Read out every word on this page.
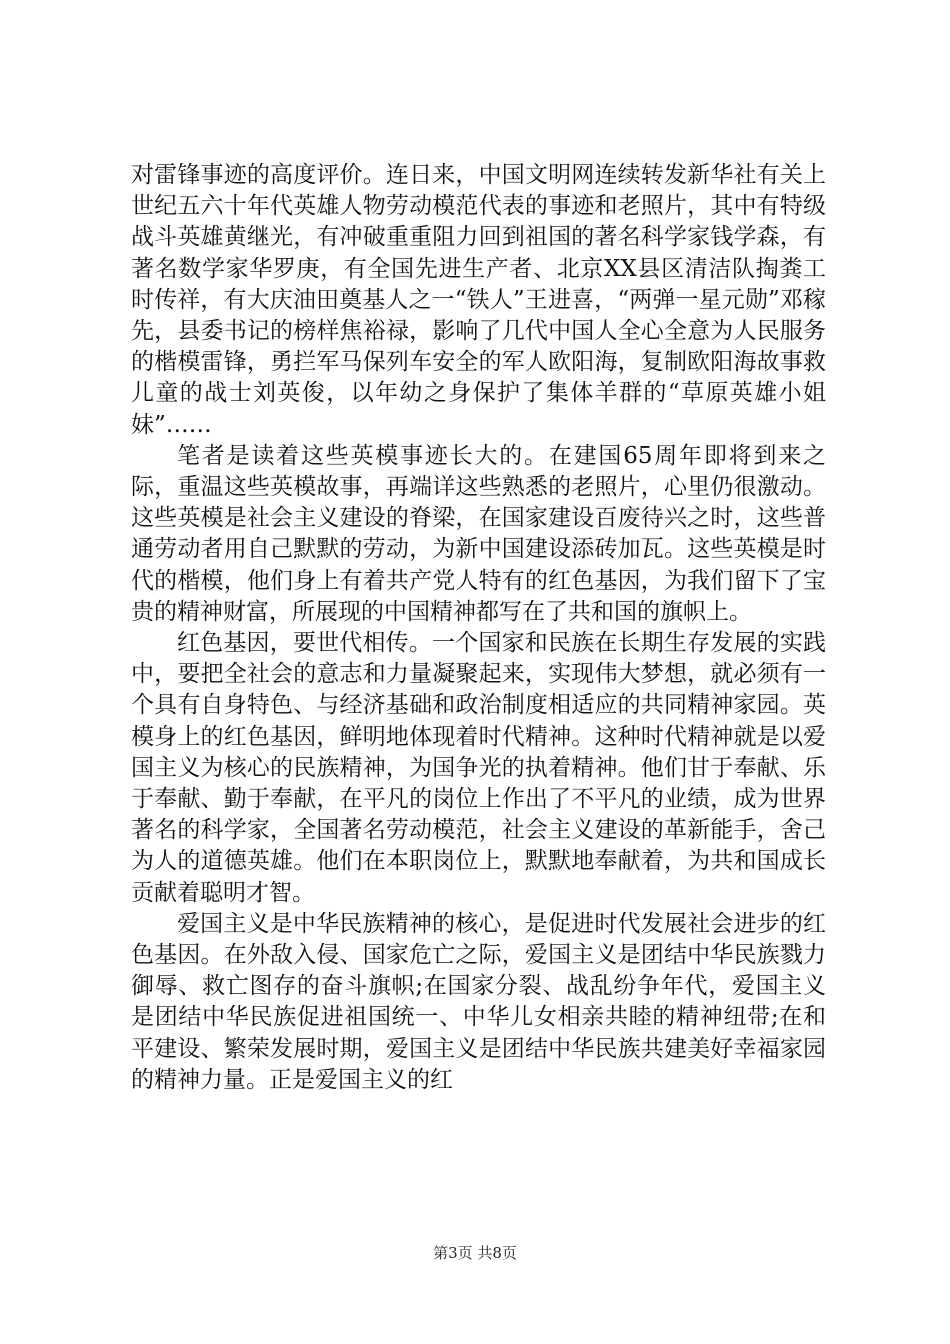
对雷锋事迹的高度评价。连日来，中国文明网连续转发新华社有关上世纪五六十年代英雄人物劳动模范代表的事迹和老照片，其中有特级战斗英雄黄继光，有冲破重重阻力回到祖国的著名科学家钱学森，有著名数学家华罗庚，有全国先进生产者、北京XX县区清洁队掏粪工时传祥，有大庆油田奠基人之一“铁人”王进喜，“两弹一星元勋”邓稼先，县委书记的榜样焦裕禄，影响了几代中国人全心全意为人民服务的楷模雷锋，勇拦军马保列车安全的军人欧阳海，复制欧阳海故事救儿童的战士刘英俊，以年幼之身保护了集体羊群的“草原英雄小姐妹”……

笔者是读着这些英模事迹长大的。在建国65周年即将到来之际，重温这些英模故事，再端详这些熟悉的老照片，心里仍很激动。这些英模是社会主义建设的脊梁，在国家建设百废待兴之时，这些普通劳动者用自己默默的劳动，为新中国建设添砖加瓦。这些英模是时代的楷模，他们身上有着共产党人特有的红色基因，为我们留下了宝贵的精神财富，所展现的中国精神都写在了共和国的旗帜上。

红色基因，要世代相传。一个国家和民族在长期生存发展的实践中，要把全社会的意志和力量凝聚起来，实现伟大梦想，就必须有一个具有自身特色、与经济基础和政治制度相适应的共同精神家园。英模身上的红色基因，鲜明地体现着时代精神。这种时代精神就是以爱国主义为核心的民族精神，为国争光的执着精神。他们甘于奉献、乐于奉献、勤于奉献，在平凡的岗位上作出了不平凡的业绩，成为世界著名的科学家，全国著名劳动模范，社会主义建设的革新能手，舍己为人的道德英雄。他们在本职岗位上，默默地奉献着，为共和国成长贡献着聪明才智。

爱国主义是中华民族精神的核心，是促进时代发展社会进步的红色基因。在外敌入侵、国家危亡之际，爱国主义是团结中华民族戮力御辱、救亡图存的奋斗旗帜;在国家分裂、战乱纷争年代，爱国主义是团结中华民族促进祖国统一、中华儿女相亲共睦的精神纽带;在和平建设、繁荣发展时期，爱国主义是团结中华民族共建美好幸福家园的精神力量。正是爱国主义的红

第3页 共8页
